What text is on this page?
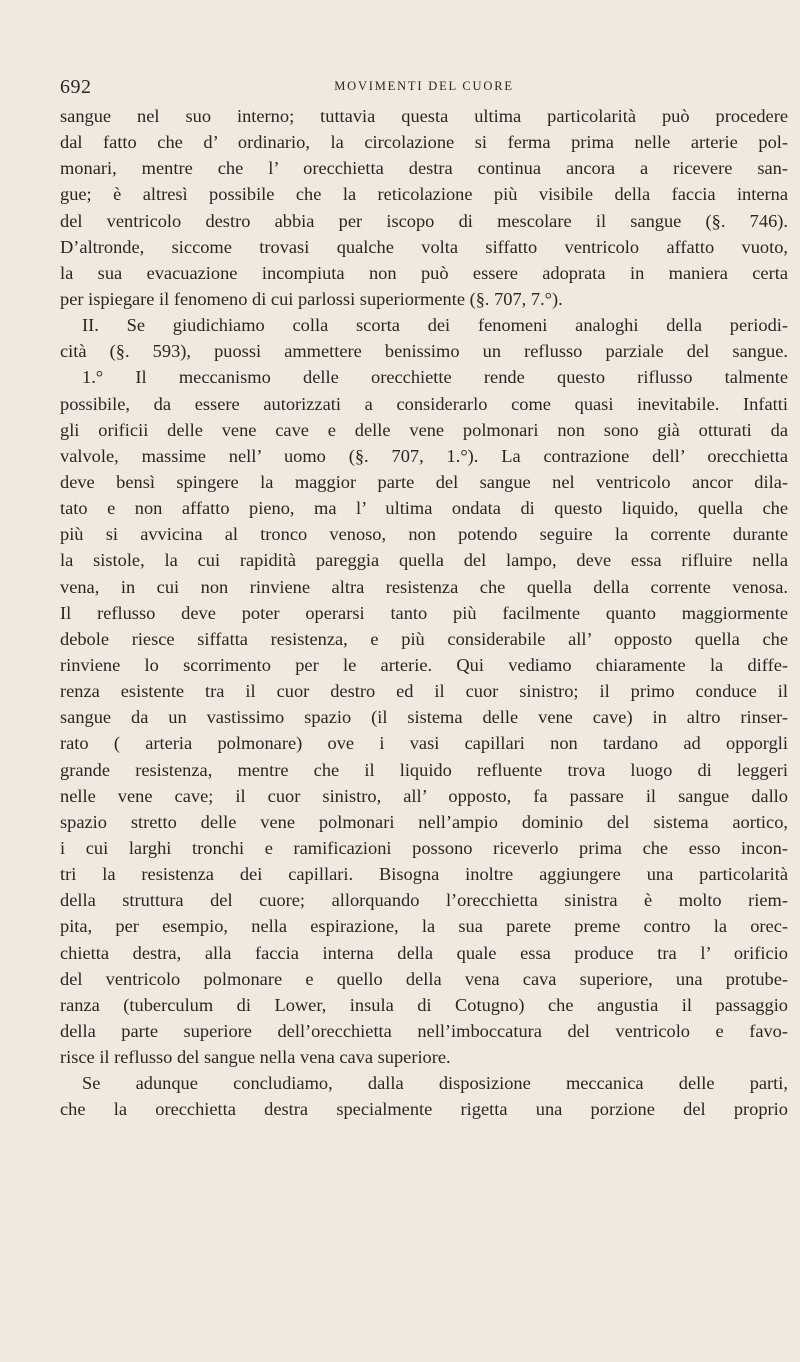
692	MOVIMENTI DEL CUORE
sangue nel suo interno; tuttavia questa ultima particolarità può procedere
dal fatto che d’ ordinario, la circolazione si ferma prima nelle arterie pol-
monari, mentre che l’ orecchietta destra continua ancora a ricevere san-
gue; è altresì possibile che la reticolazione più visibile della faccia interna
del ventricolo destro abbia per iscopo di mescolare il sangue (§. 746).
D’altronde, siccome trovasi qualche volta siffatto ventricolo affatto vuoto,
la sua evacuazione incompiuta non può essere adoprata in maniera certa
per ispiegare il fenomeno di cui parlossi superiormente (§. 707, 7.°).
II. Se giudichiamo colla scorta dei fenomeni analoghi della periodi-
cità (§. 593), puossi ammettere benissimo un reflusso parziale del sangue.
1.° Il meccanismo delle orecchiette rende questo riflusso talmente
possibile, da essere autorizzati a considerarlo come quasi inevitabile. Infatti
gli orificii delle vene cave e delle vene polmonari non sono già otturati da
valvole, massime nell’ uomo (§. 707, 1.°). La contrazione dell’ orecchietta
deve bensì spingere la maggior parte del sangue nel ventricolo ancor dila-
tato e non affatto pieno, ma l’ ultima ondata di questo liquido, quella che
più si avvicina al tronco venoso, non potendo seguire la corrente durante
la sistole, la cui rapidità pareggia quella del lampo, deve essa rifluire nella
vena, in cui non rinviene altra resistenza che quella della corrente venosa.
Il reflusso deve poter operarsi tanto più facilmente quanto maggiormente
debole riesce siffatta resistenza, e più considerabile all’ opposto quella che
rinviene lo scorrimento per le arterie. Qui vediamo chiaramente la diffe-
renza esistente tra il cuor destro ed il cuor sinistro; il primo conduce il
sangue da un vastissimo spazio (il sistema delle vene cave) in altro rinser-
rato ( arteria polmonare) ove i vasi capillari non tardano ad opporgli
grande resistenza, mentre che il liquido refluente trova luogo di leggeri
nelle vene cave; il cuor sinistro, all’ opposto, fa passare il sangue dallo
spazio stretto delle vene polmonari nell’ampio dominio del sistema aortico,
i cui larghi tronchi e ramificazioni possono riceverlo prima che esso incon-
tri la resistenza dei capillari. Bisogna inoltre aggiungere una particolarità
della struttura del cuore; allorquando l’orecchietta sinistra è molto riem-
pita, per esempio, nella espirazione, la sua parete preme contro la orec-
chietta destra, alla faccia interna della quale essa produce tra l’ orificio
del ventricolo polmonare e quello della vena cava superiore, una protube-
ranza (tuberculum di Lower, insula di Cotugno) che angustia il passaggio
della parte superiore dell’orecchietta nell’imboccatura del ventricolo e favo-
risce il reflusso del sangue nella vena cava superiore.
Se adunque concludiamo, dalla disposizione meccanica delle parti,
che la orecchietta destra specialmente rigetta una porzione del proprio
